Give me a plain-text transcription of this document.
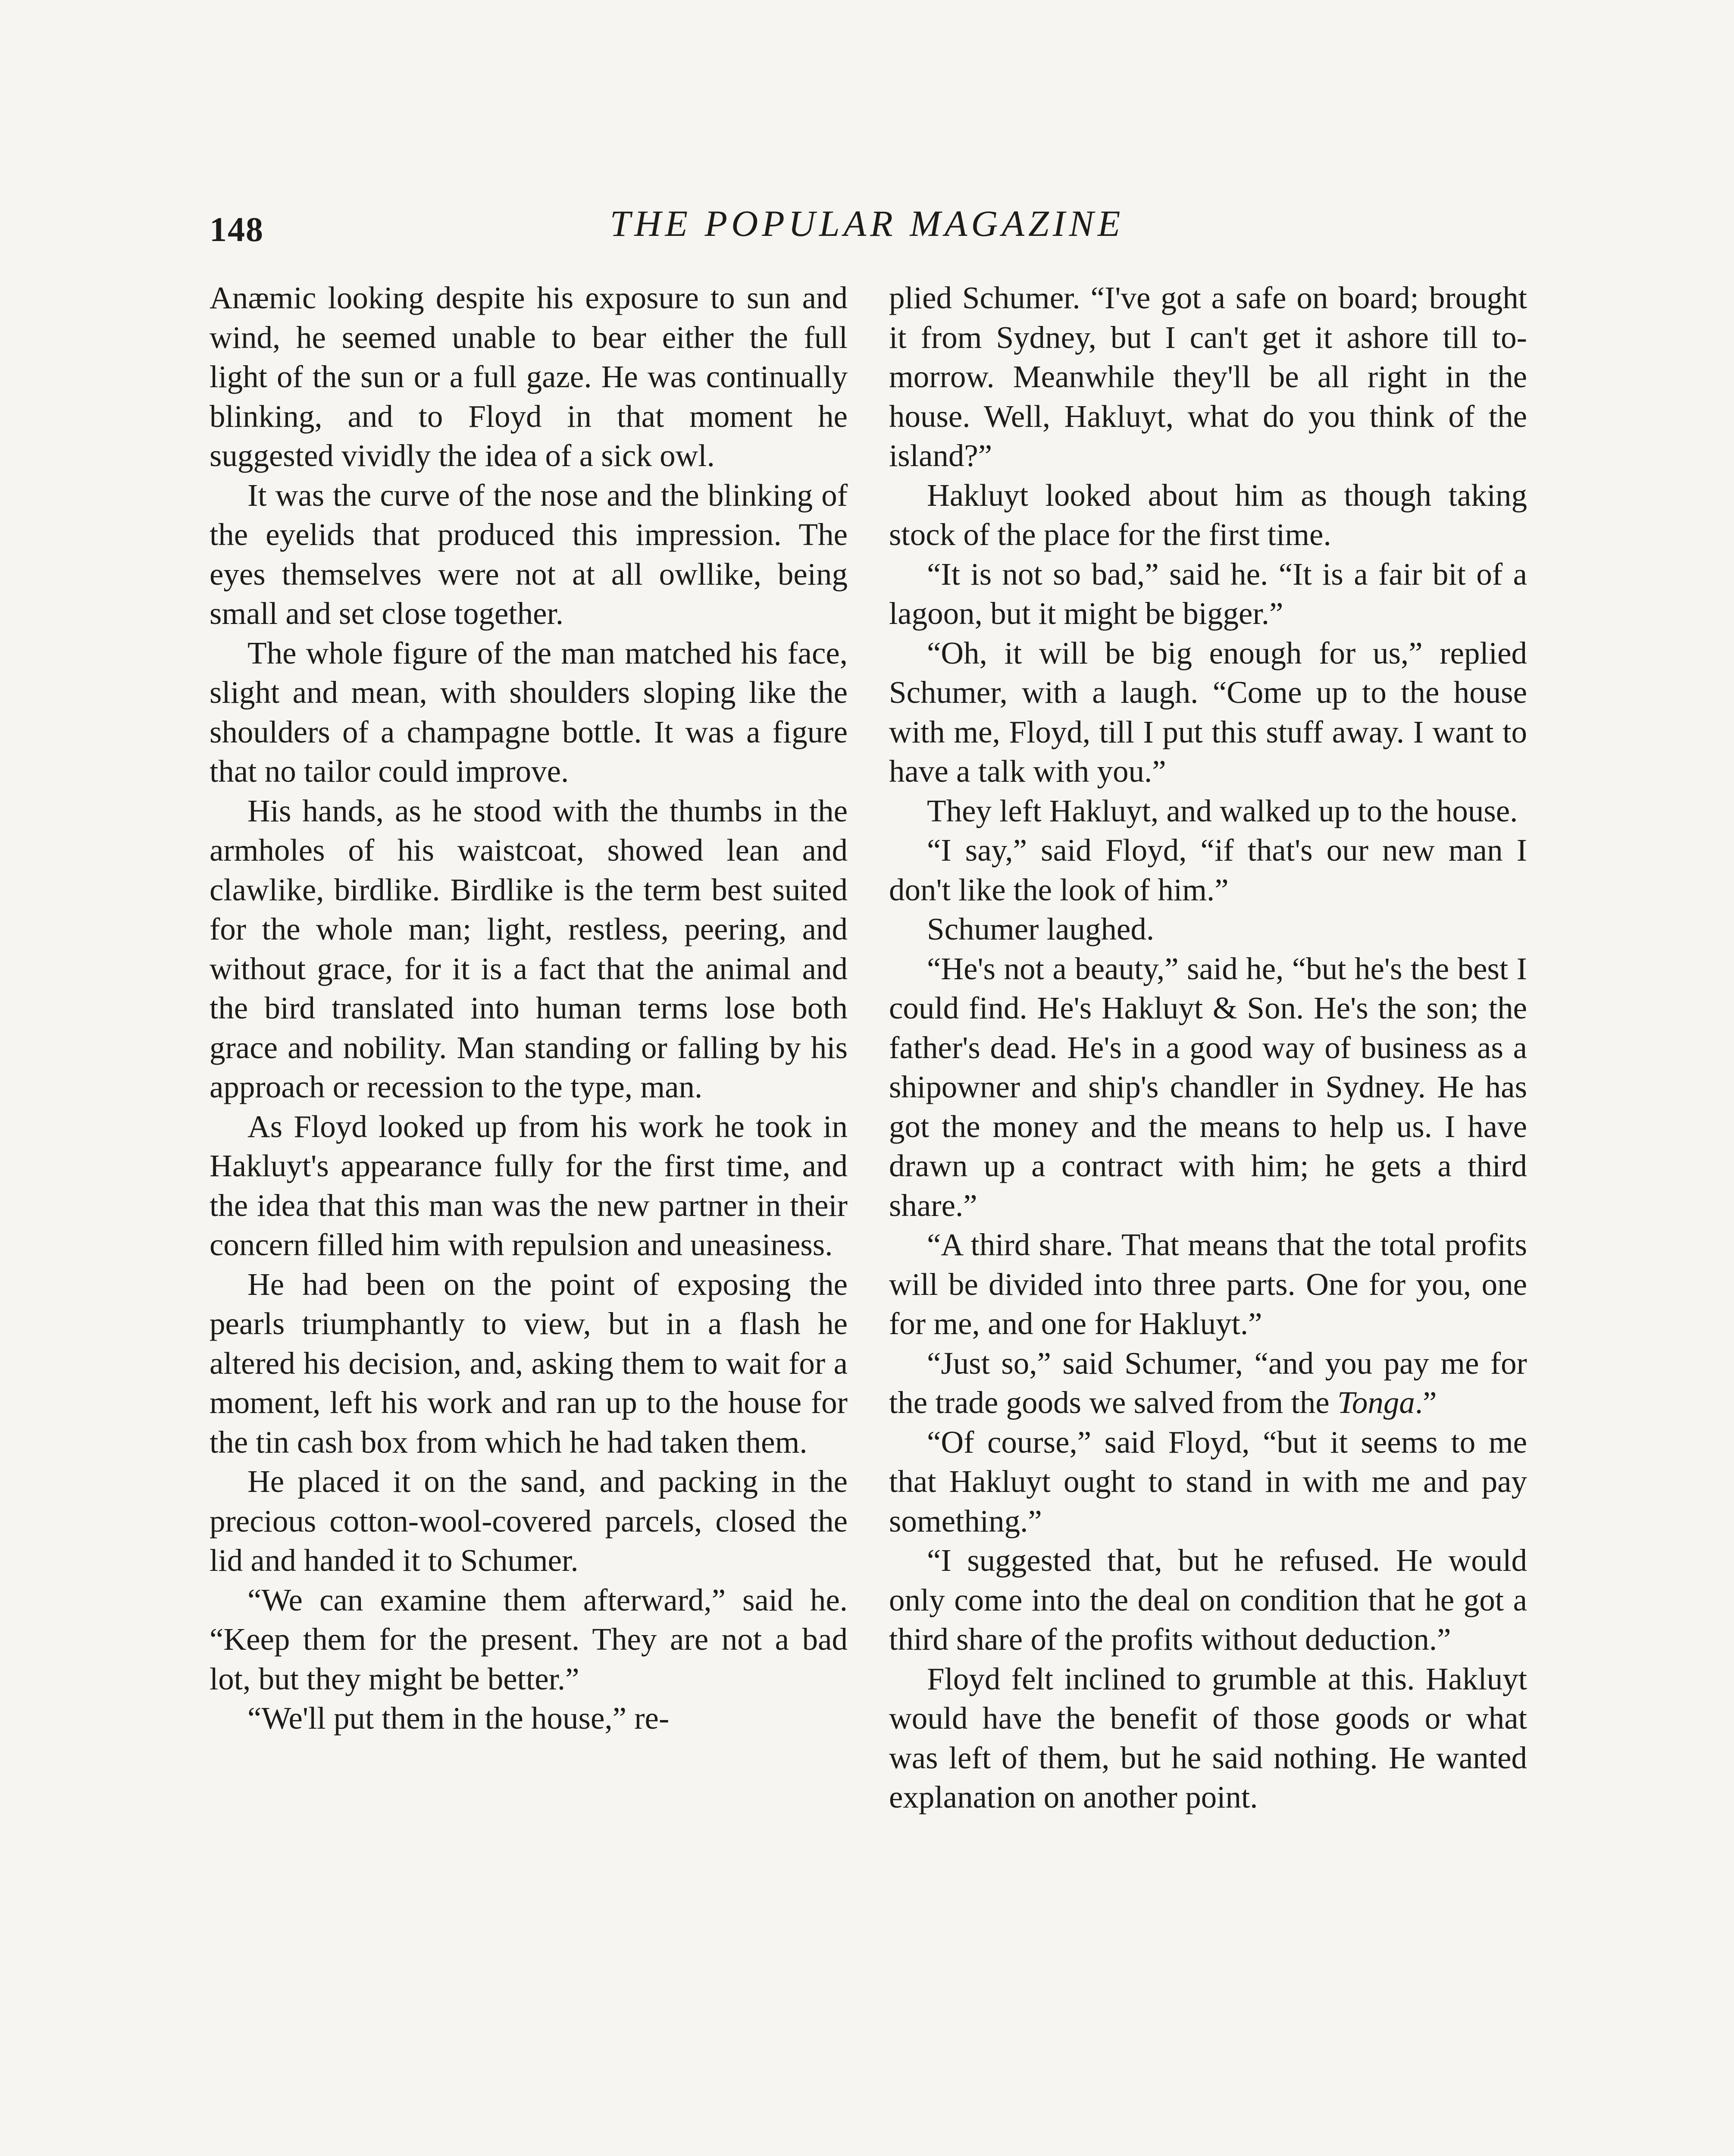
148	THE POPULAR MAGAZINE

Anæmic looking despite his exposure to sun and wind, he seemed unable to bear either the full light of the sun or a full gaze. He was continually blinking, and to Floyd in that moment he suggested vividly the idea of a sick owl.

It was the curve of the nose and the blinking of the eyelids that produced this impression. The eyes themselves were not at all owllike, being small and set close together.

The whole figure of the man matched his face, slight and mean, with shoulders sloping like the shoulders of a champagne bottle. It was a figure that no tailor could improve.

His hands, as he stood with the thumbs in the armholes of his waistcoat, showed lean and clawlike, birdlike. Birdlike is the term best suited for the whole man; light, restless, peering, and without grace, for it is a fact that the animal and the bird translated into human terms lose both grace and nobility. Man standing or falling by his approach or recession to the type, man.

As Floyd looked up from his work he took in Hakluyt's appearance fully for the first time, and the idea that this man was the new partner in their concern filled him with repulsion and uneasiness.

He had been on the point of exposing the pearls triumphantly to view, but in a flash he altered his decision, and, asking them to wait for a moment, left his work and ran up to the house for the tin cash box from which he had taken them.

He placed it on the sand, and packing in the precious cotton-wool-covered parcels, closed the lid and handed it to Schumer.

“We can examine them afterward,” said he. “Keep them for the present. They are not a bad lot, but they might be better.”

“We'll put them in the house,” re-

plied Schumer. “I've got a safe on board; brought it from Sydney, but I can't get it ashore till to-morrow. Meanwhile they'll be all right in the house. Well, Hakluyt, what do you think of the island?”

Hakluyt looked about him as though taking stock of the place for the first time.

“It is not so bad,” said he. “It is a fair bit of a lagoon, but it might be bigger.”

“Oh, it will be big enough for us,” replied Schumer, with a laugh. “Come up to the house with me, Floyd, till I put this stuff away. I want to have a talk with you.”

They left Hakluyt, and walked up to the house.

“I say,” said Floyd, “if that's our new man I don't like the look of him.”

Schumer laughed.

“He's not a beauty,” said he, “but he's the best I could find. He's Hakluyt & Son. He's the son; the father's dead. He's in a good way of business as a shipowner and ship's chandler in Sydney. He has got the money and the means to help us. I have drawn up a contract with him; he gets a third share.”

“A third share. That means that the total profits will be divided into three parts. One for you, one for me, and one for Hakluyt.”

“Just so,” said Schumer, “and you pay me for the trade goods we salved from the Tonga.”

“Of course,” said Floyd, “but it seems to me that Hakluyt ought to stand in with me and pay something.”

“I suggested that, but he refused. He would only come into the deal on condition that he got a third share of the profits without deduction.”

Floyd felt inclined to grumble at this. Hakluyt would have the benefit of those goods or what was left of them, but he said nothing. He wanted explanation on another point.
